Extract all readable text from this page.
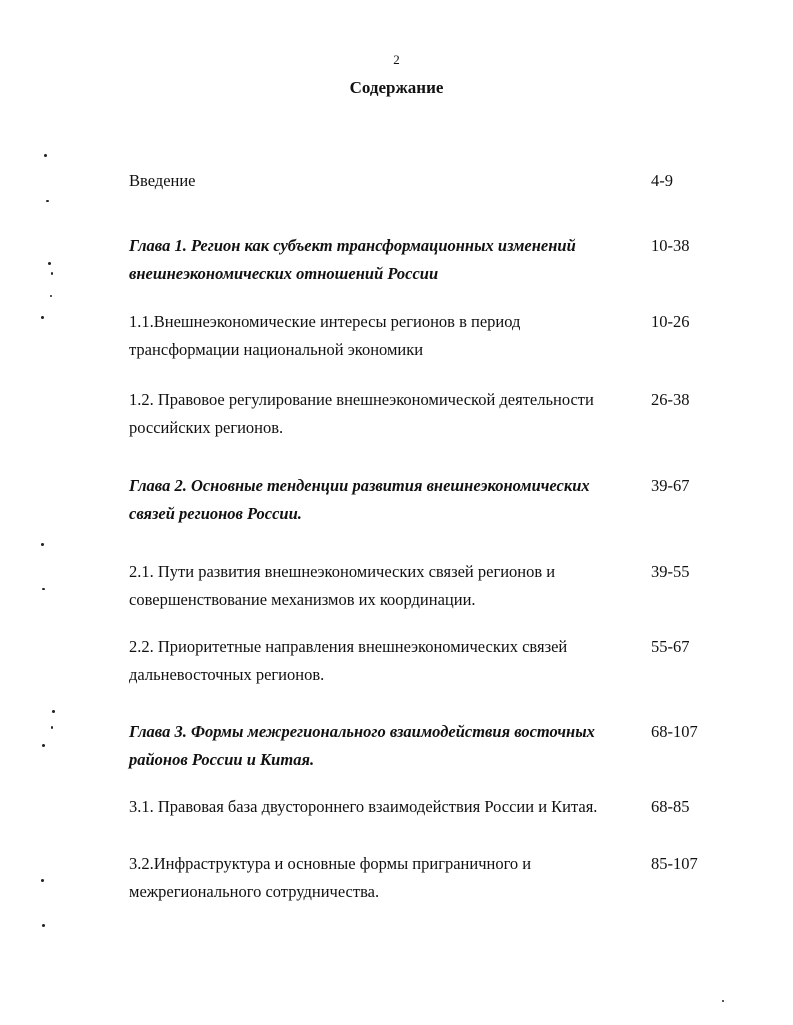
2
Содержание
Введение	4-9
Глава 1. Регион как субъект трансформационных изменений внешнеэкономических отношений России
10-38
1.1.Внешнеэкономические интересы регионов в период трансформации национальной экономики
10-26
1.2. Правовое регулирование внешнеэкономической деятельности российских регионов.
26-38
Глава 2. Основные тенденции развития внешнеэкономических связей регионов России.
39-67
2.1. Пути развития внешнеэкономических связей регионов и совершенствование механизмов их координации.
39-55
2.2. Приоритетные направления внешнеэкономических связей дальневосточных регионов.
55-67
Глава 3. Формы межрегионального взаимодействия восточных районов России и Китая.
68-107
3.1. Правовая база двустороннего взаимодействия России и Китая.	68-85
3.2.Инфраструктура и основные формы приграничного и межрегионального сотрудничества.
85-107
